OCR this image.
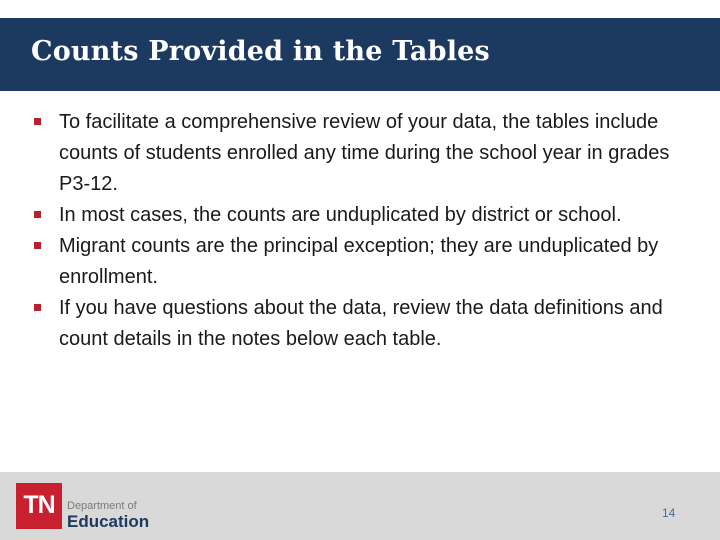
Counts Provided in the Tables
To facilitate a comprehensive review of your data, the tables include counts of students enrolled any time during the school year in grades P3-12.
In most cases, the counts are unduplicated by district or school.
Migrant counts are the principal exception; they are unduplicated by enrollment.
If you have questions about the data, review the data definitions and count details in the notes below each table.
TN	Department of
Education	14
